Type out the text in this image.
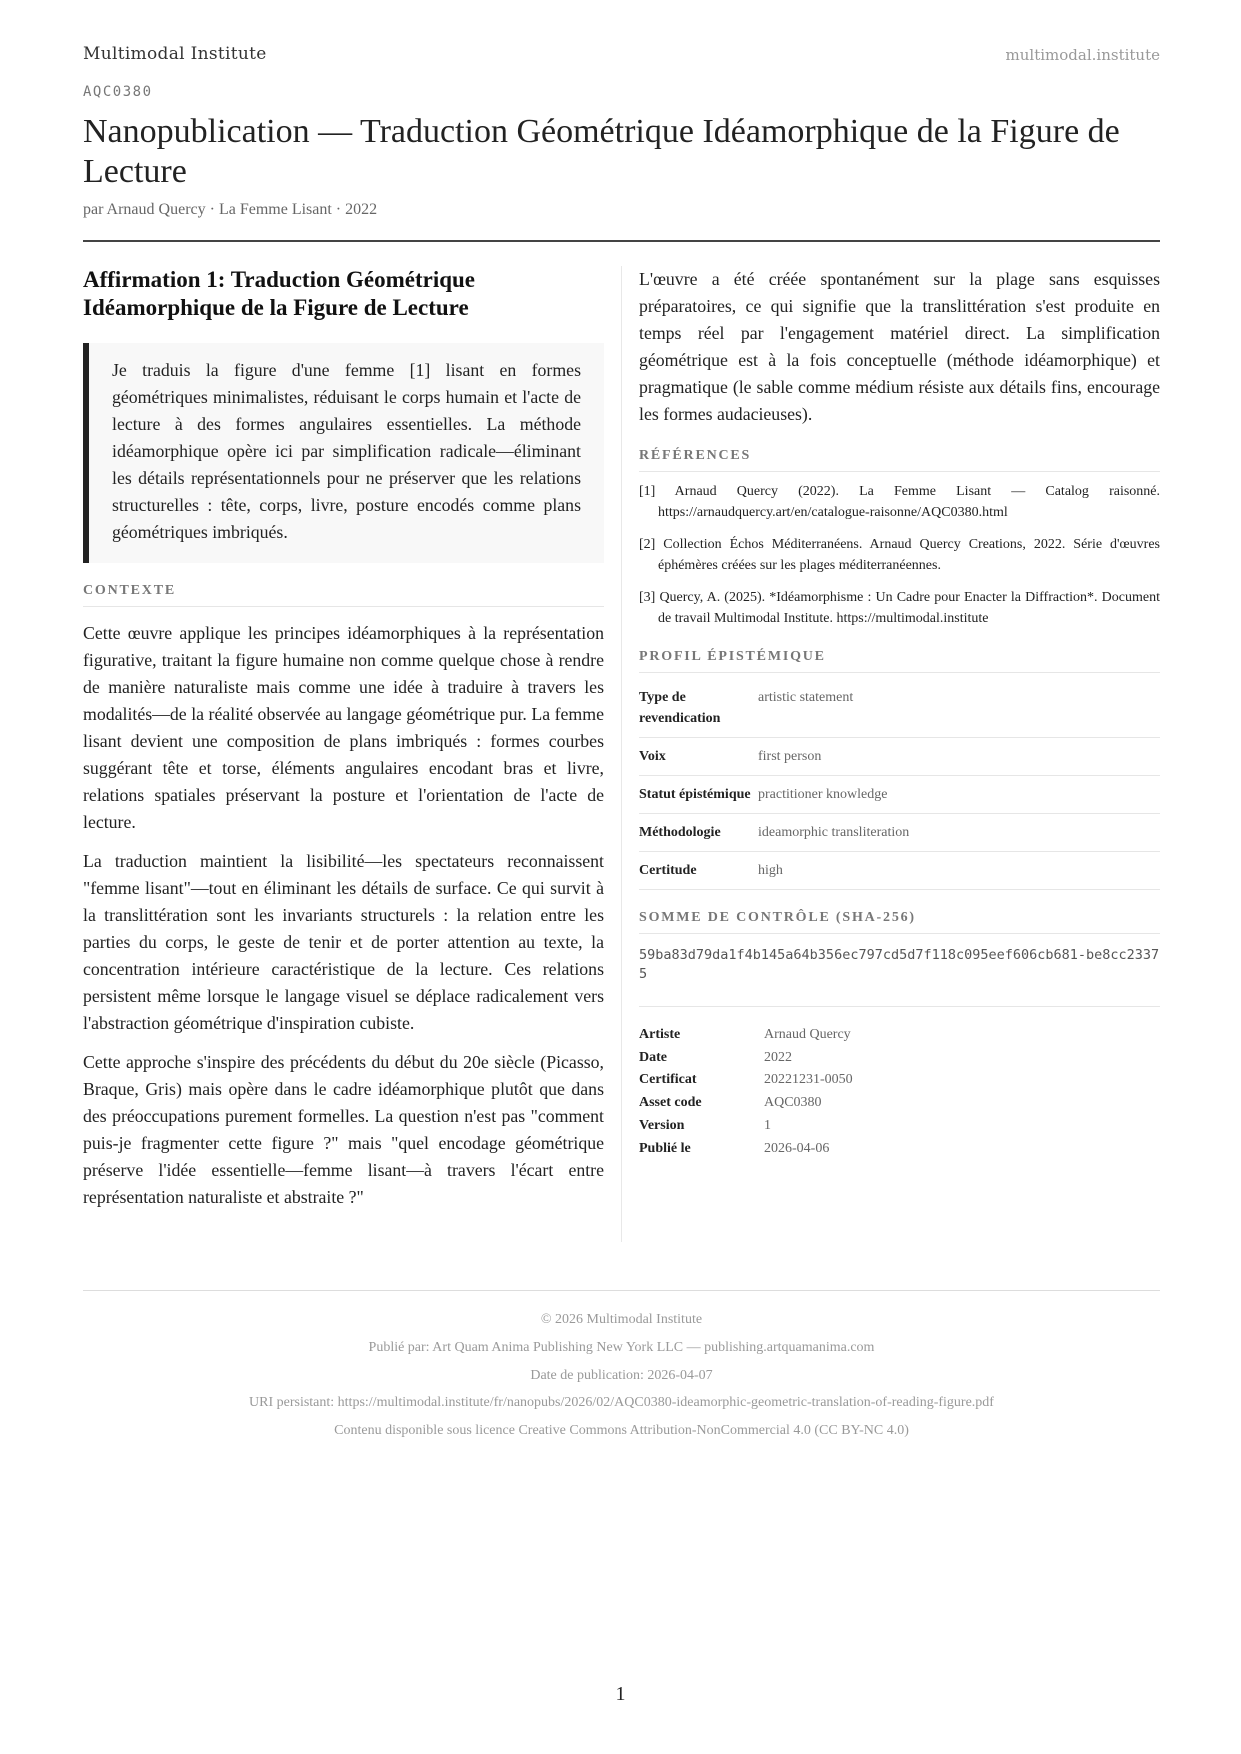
Multimodal Institute	multimodal.institute
AQC0380
Nanopublication — Traduction Géométrique Idéamorphique de la Figure de Lecture
par Arnaud Quercy · La Femme Lisant · 2022
Affirmation 1: Traduction Géométrique Idéamorphique de la Figure de Lecture
Je traduis la figure d'une femme [1] lisant en formes géométriques minimalistes, réduisant le corps humain et l'acte de lecture à des formes angulaires essentielles. La méthode idéamorphique opère ici par simplification radicale—éliminant les détails représentationnels pour ne préserver que les relations structurelles : tête, corps, livre, posture encodés comme plans géométriques imbriqués.
CONTEXTE

Cette œuvre applique les principes idéamorphiques à la représentation figurative, traitant la figure humaine non comme quelque chose à rendre de manière naturaliste mais comme une idée à traduire à travers les modalités—de la réalité observée au langage géométrique pur. La femme lisant devient une composition de plans imbriqués : formes courbes suggérant tête et torse, éléments angulaires encodant bras et livre, relations spatiales préservant la posture et l'orientation de l'acte de lecture.

La traduction maintient la lisibilité—les spectateurs reconnaissent "femme lisant"—tout en éliminant les détails de surface. Ce qui survit à la translittération sont les invariants structurels : la relation entre les parties du corps, le geste de tenir et de porter attention au texte, la concentration intérieure caractéristique de la lecture. Ces relations persistent même lorsque le langage visuel se déplace radicalement vers l'abstraction géométrique d'inspiration cubiste.

Cette approche s'inspire des précédents du début du 20e siècle (Picasso, Braque, Gris) mais opère dans le cadre idéamorphique plutôt que dans des préoccupations purement formelles. La question n'est pas "comment puis-je fragmenter cette figure ?" mais "quel encodage géométrique préserve l'idée essentielle—femme lisant—à travers l'écart entre représentation naturaliste et abstraite ?"

L'œuvre a été créée spontanément sur la plage sans esquisses préparatoires, ce qui signifie que la translittération s'est produite en temps réel par l'engagement matériel direct. La simplification géométrique est à la fois conceptuelle (méthode idéamorphique) et pragmatique (le sable comme médium résiste aux détails fins, encourage les formes audacieuses).

RÉFÉRENCES
[1] Arnaud Quercy (2022). La Femme Lisant — Catalog raisonné. https://arnaudquercy.art/en/catalogue-raisonne/AQC0380.html
[2] Collection Échos Méditerranéens. Arnaud Quercy Creations, 2022. Série d'œuvres éphémères créées sur les plages méditerranéennes.
[3] Quercy, A. (2025). *Idéamorphisme : Un Cadre pour Enacter la Diffraction*. Document de travail Multimodal Institute. https://multimodal.institute
PROFIL ÉPISTÉMIQUE
Type de revendication	artistic statement
Voix	first person
Statut épistémique	practitioner knowledge
Méthodologie	ideamorphic transliteration
Certitude	high
SOMME DE CONTRÔLE (SHA-256)
59ba83d79da1f4b145a64b356ec797cd5d7f118c095eef606cb681-be8cc23375
Artiste	Arnaud Quercy
Date	2022
Certificat	20221231-0050
Asset code	AQC0380
Version	1
Publié le	2026-04-06
© 2026 Multimodal Institute
Publié par: Art Quam Anima Publishing New York LLC — publishing.artquamanima.com
Date de publication: 2026-04-07
URI persistant: https://multimodal.institute/fr/nanopubs/2026/02/AQC0380-ideamorphic-geometric-translation-of-reading-figure.pdf
Contenu disponible sous licence Creative Commons Attribution-NonCommercial 4.0 (CC BY-NC 4.0)
1
